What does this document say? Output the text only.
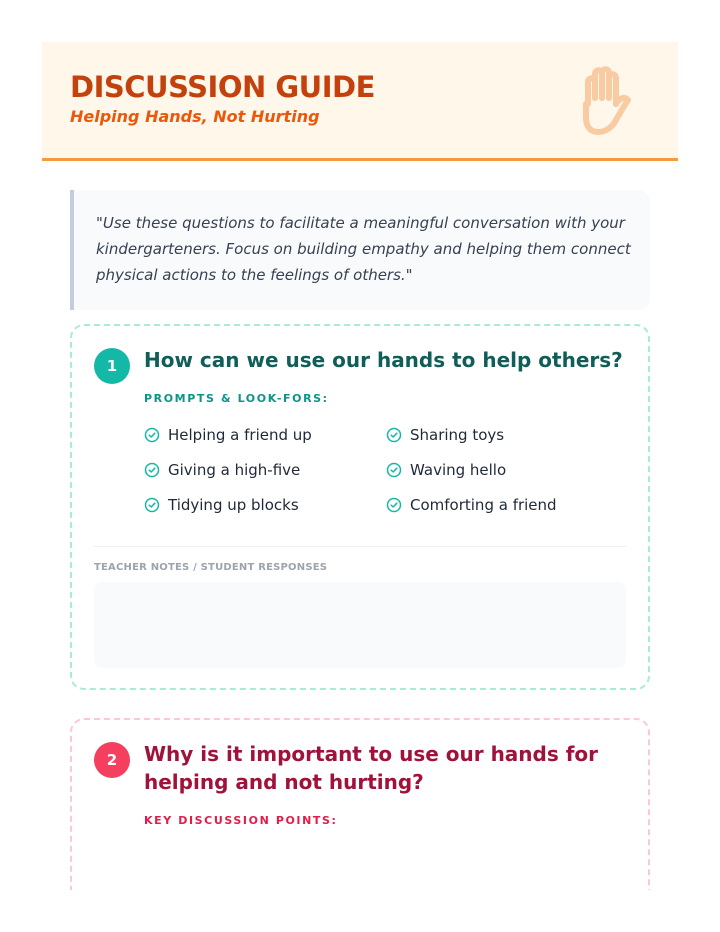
DISCUSSION GUIDE
Helping Hands, Not Hurting
"Use these questions to facilitate a meaningful conversation with your kindergarteners. Focus on building empathy and helping them connect physical actions to the feelings of others."
1	How can we use our hands to help others?
PROMPTS & LOOK-FORS:
Helping a friend up	Sharing toys
Giving a high-five	Waving hello
Tidying up blocks	Comforting a friend
TEACHER NOTES / STUDENT RESPONSES
2	Why is it important to use our hands for helping and not hurting?
KEY DISCUSSION POINTS:
